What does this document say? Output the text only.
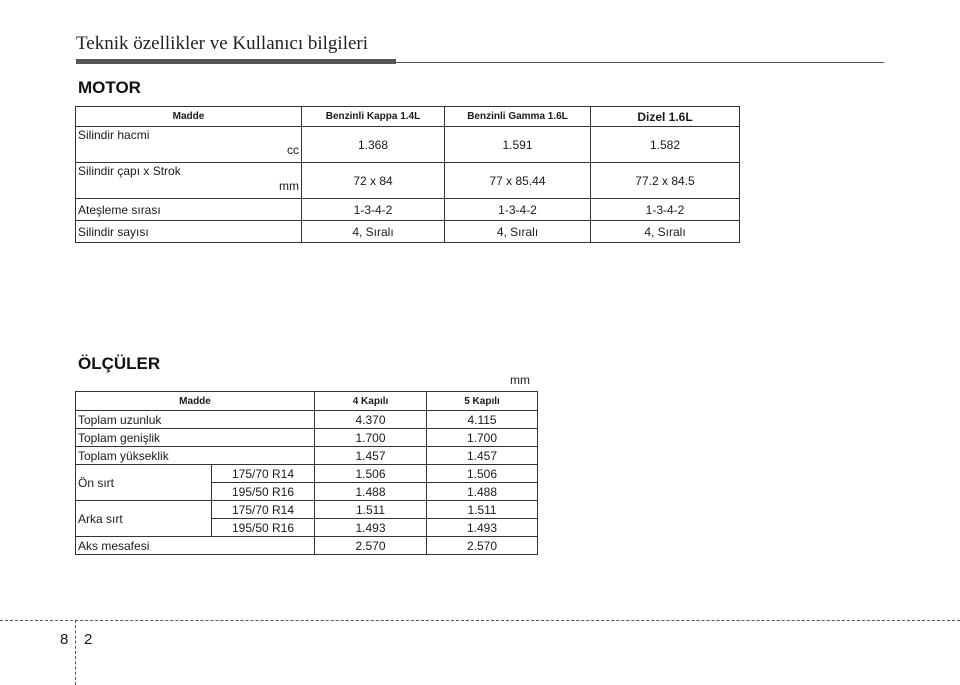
Teknik özellikler ve Kullanıcı bilgileri
MOTOR
Madde	Benzinli Kappa 1.4L	Benzinli Gamma 1.6L	Dizel 1.6L

Silindir hacmi
cc	1.368	1.591	1.582

Silindir çapı x Strok
mm	72 x 84	77 x 85.44	77.2 x 84.5
Ateşleme sırası	1-3-4-2	1-3-4-2	1-3-4-2
Silindir sayısı	4, Sıralı	4, Sıralı	4, Sıralı
ÖLÇÜLER
mm
Madde		4 Kapılı	5 Kapılı
Toplam uzunluk		4.370	4.115
Toplam genişlik		1.700	1.700
Toplam yükseklik		1.457	1.457
Ön sırt	175/70 R14	1.506	1.506
	195/50 R16	1.488	1.488
Arka sırt	175/70 R14	1.511	1.511
	195/50 R16	1.493	1.493
Aks mesafesi		2.570	2.570
8 2
